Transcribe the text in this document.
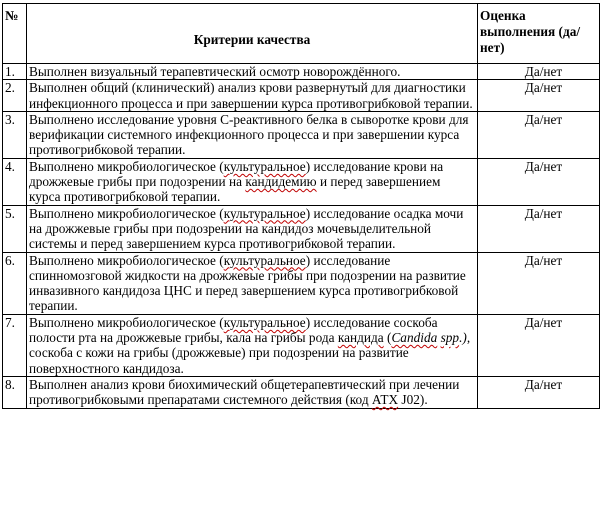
№	Критерии качества	Оценка выполнения (да/нет)
1.	Выполнен визуальный терапевтический осмотр новорождённого.	Да/нет
2.	Выполнен общий (клинический) анализ крови развернутый для диагностики инфекционного процесса и при завершении курса противогрибковой терапии.	Да/нет
3.	Выполнено исследование уровня С-реактивного белка в сыворотке крови для верификации системного инфекционного процесса и при завершении курса противогрибковой терапии.	Да/нет
4.	Выполнено микробиологическое (культуральное) исследование крови на дрожжевые грибы при подозрении на кандидемию и перед завершением курса противогрибковой терапии.	Да/нет
5.	Выполнено микробиологическое (культуральное) исследование осадка мочи на дрожжевые грибы при подозрении на кандидоз мочевыделительной системы и перед завершением курса противогрибковой терапии.	Да/нет
6.	Выполнено микробиологическое (культуральное) исследование спинномозговой жидкости на дрожжевые грибы при подозрении на развитие инвазивного кандидоза ЦНС и перед завершением курса противогрибковой терапии.	Да/нет
7.	Выполнено микробиологическое (культуральное) исследование соскоба полости рта на дрожжевые грибы, кала на грибы рода кандида (Candida spp.), соскоба с кожи на грибы (дрожжевые) при подозрении на развитие поверхностного кандидоза.	Да/нет
8.	Выполнен анализ крови биохимический общетерапевтический при лечении противогрибковыми препаратами системного действия (код АТХ J02).	Да/нет
